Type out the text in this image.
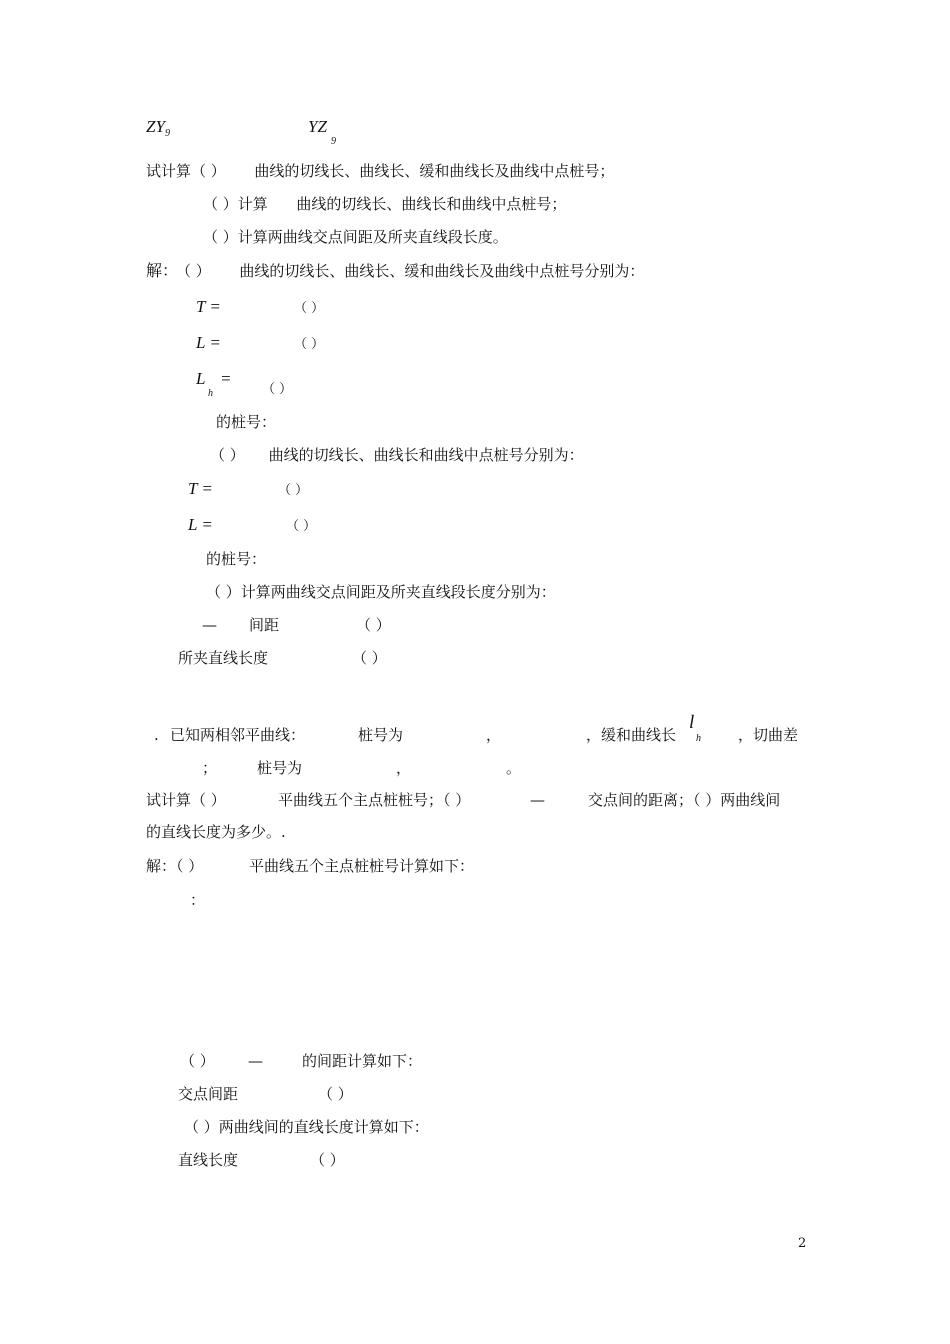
ZY 9	YZ
9
试计算（ ）      曲线的切线长、曲线长、缓和曲线长及曲线中点桩号；
（ ）计算      曲线的切线长、曲线长和曲线中点桩号；
（ ）计算两曲线交点间距及所夹直线段长度。
解：
（ ）      曲线的切线长、曲线长、缓和曲线长及曲线中点桩号分别为：
T =	（ ）
L =	（ ）
L
h
=
（ ）
的桩号：
（ ）     曲线的切线长、曲线长和曲线中点桩号分别为：
T =	（ ）
L =	（ ）
的桩号：
（ ）计算两曲线交点间距及所夹直线段长度分别为：
— 间距	（ ）
所夹直线长度	（ ）
. 已知两相邻平曲线：	桩号为	，	，缓和曲线长
l
h ，切曲差
；	桩号为	，	。
试计算（ ）	平曲线五个主点桩桩号；（ ）	—	交点间的距离；（ ）两曲线间
的直线长度为多少。.
解：（ ）	平曲线五个主点桩桩号计算如下：
：
（ ） —	的间距计算如下：
交点间距	（ ）
（ ）两曲线间的直线长度计算如下：
直线长度	（ ）
2
